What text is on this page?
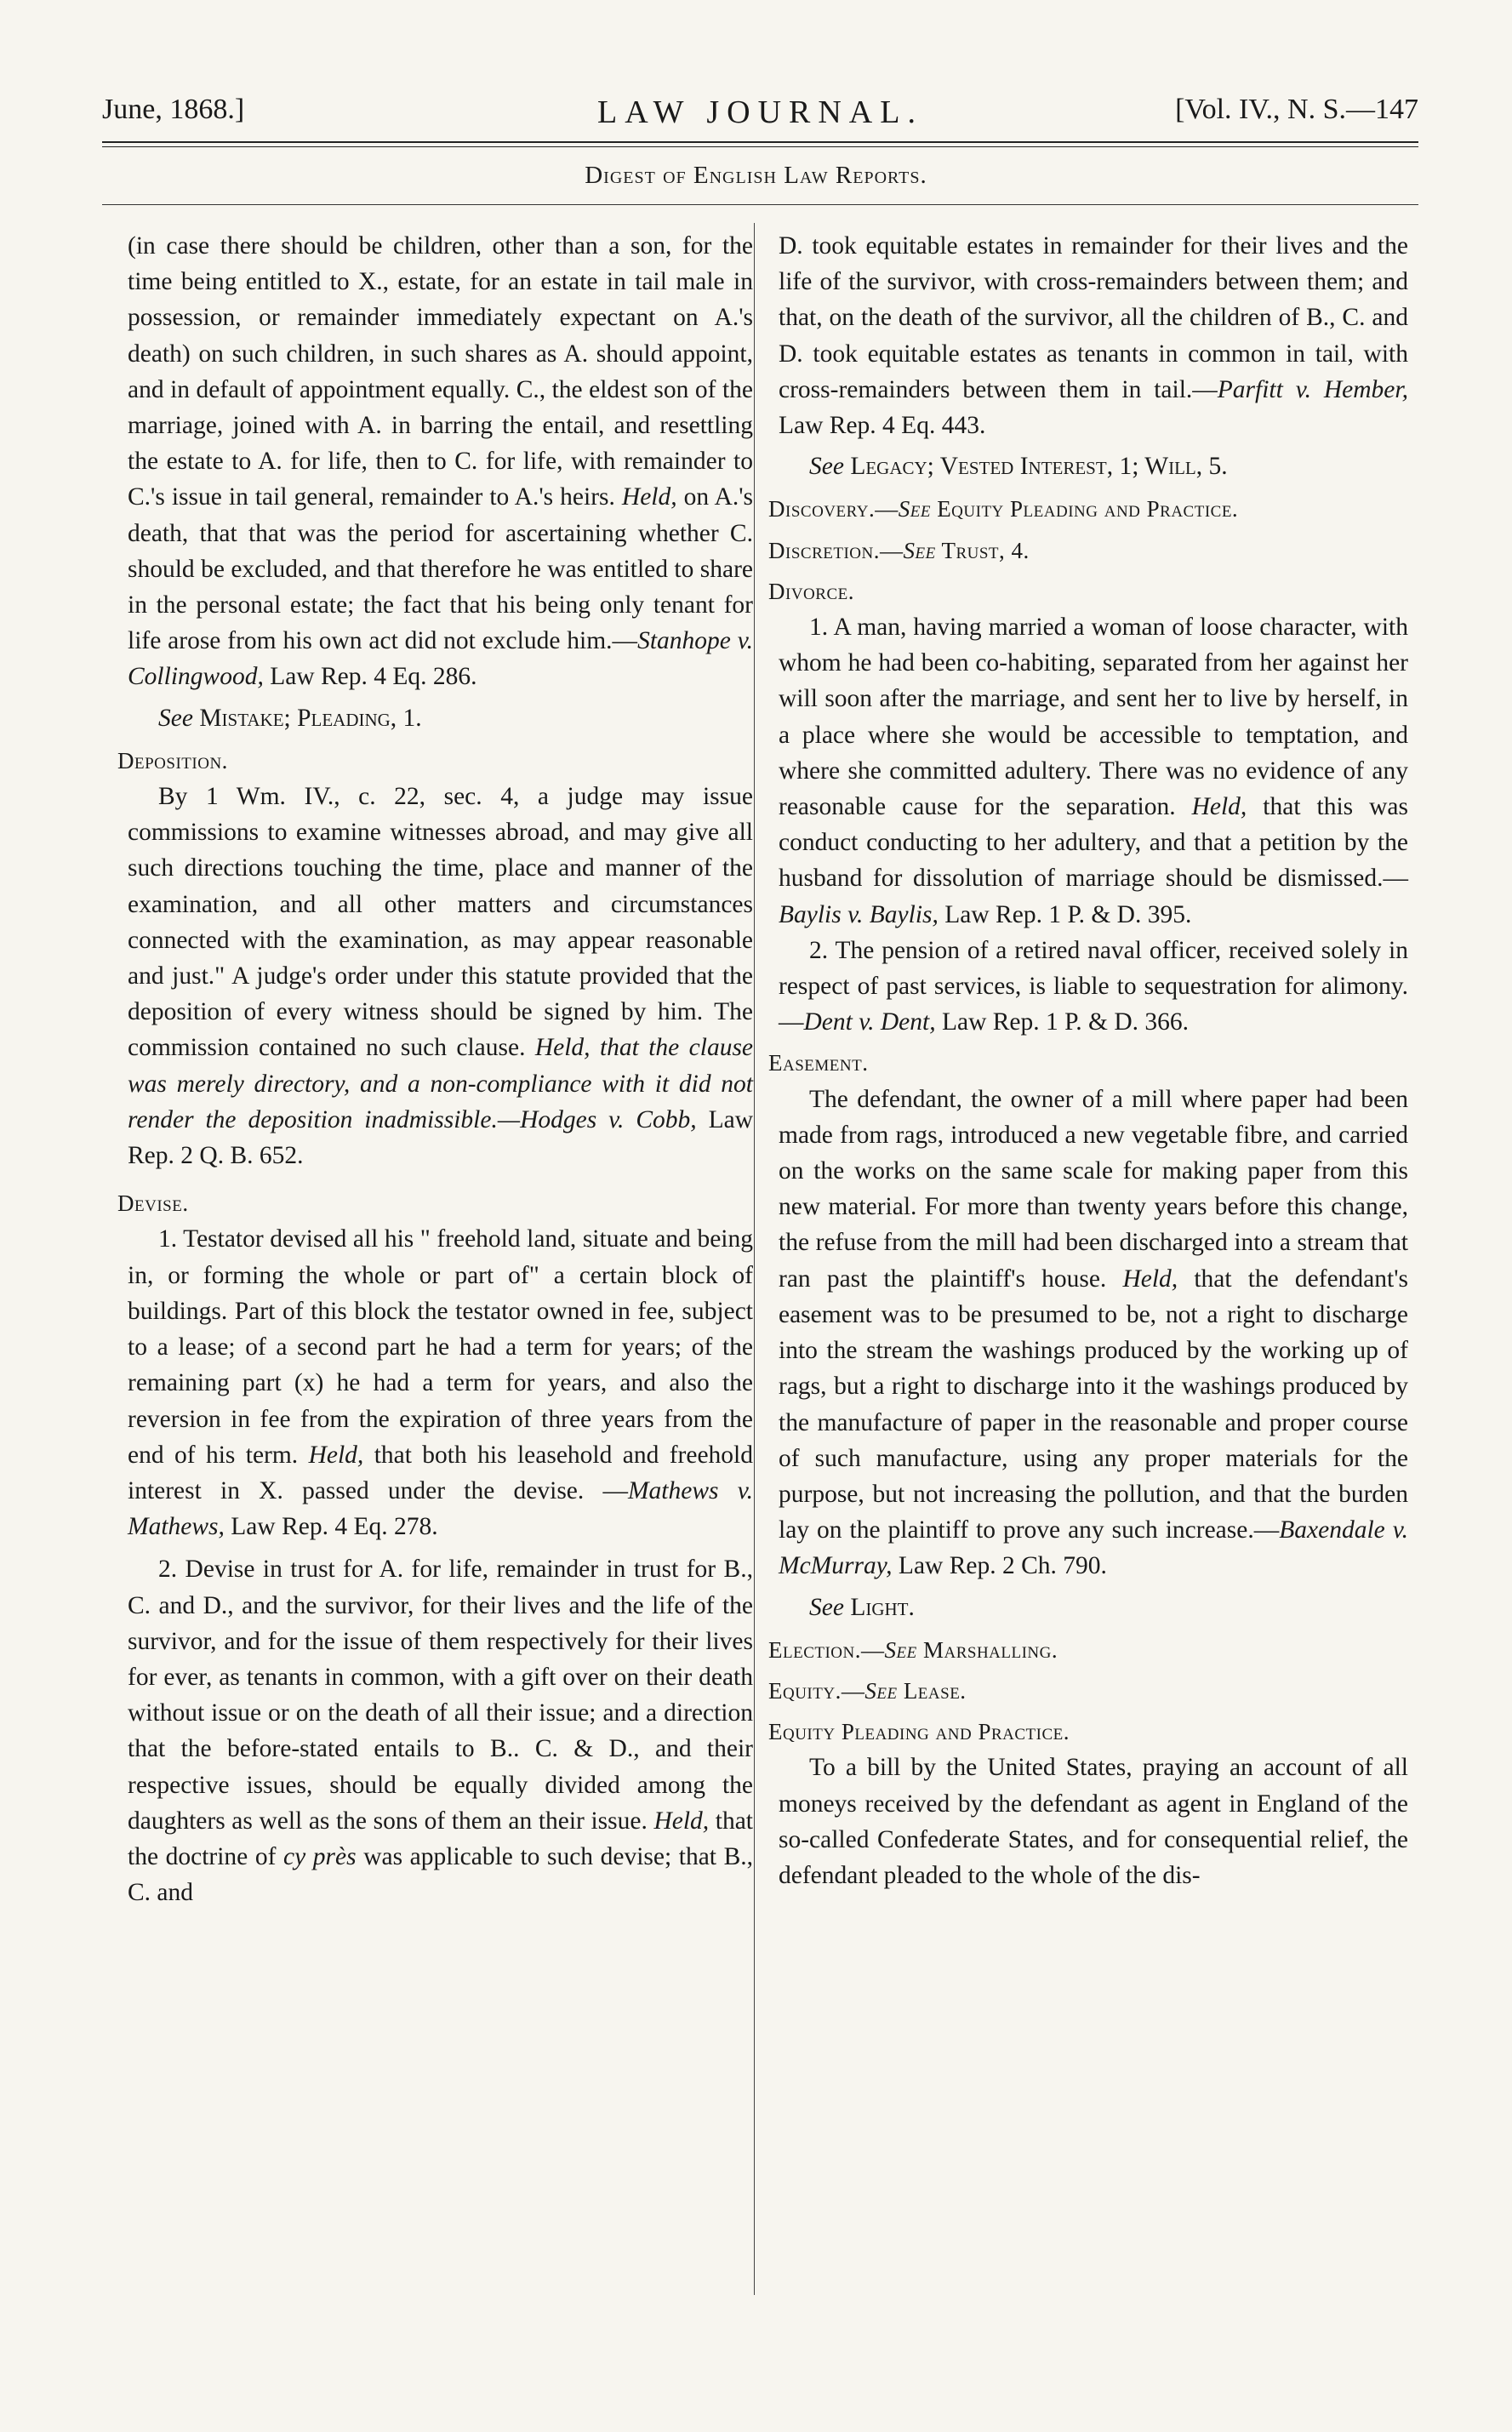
June, 1868.]	LAW JOURNAL.	[Vol. IV., N. S.—147
Digest of English Law Reports.

(in case there should be children, other than a son, for the time being entitled to X., estate, for an estate in tail male in possession, or remainder immediately expectant on A.'s death) on such children, in such shares as A. should appoint, and in default of appointment equally. C., the eldest son of the marriage, joined with A. in barring the entail, and resettling the estate to A. for life, then to C. for life, with remainder to C.'s issue in tail general, remainder to A.'s heirs. Held, on A.'s death, that that was the period for ascertaining whether C. should be excluded, and that therefore he was entitled to share in the personal estate; the fact that his being only tenant for life arose from his own act did not exclude him.—Stanhope v. Collingwood, Law Rep. 4 Eq. 286.

See Mistake; Pleading, 1.

Deposition.

By 1 Wm. IV., c. 22, sec. 4, a judge may issue commissions to examine witnesses abroad, and may give all such directions touching the time, place and manner of the examination, and all other matters and circumstances connected with the examination, as may appear reasonable and just." A judge's order under this statute provided that the deposition of every witness should be signed by him. The commission contained no such clause. Held, that the clause was merely directory, and a non-compliance with it did not render the deposition inadmissible.—Hodges v. Cobb, Law Rep. 2 Q. B. 652.

Devise.

1. Testator devised all his " freehold land, situate and being in, or forming the whole or part of" a certain block of buildings. Part of this block the testator owned in fee, subject to a lease; of a second part he had a term for years; of the remaining part (x) he had a term for years, and also the reversion in fee from the expiration of three years from the end of his term. Held, that both his leasehold and freehold interest in X. passed under the devise. —Mathews v. Mathews, Law Rep. 4 Eq. 278.

2. Devise in trust for A. for life, remainder in trust for B., C. and D., and the survivor, for their lives and the life of the survivor, and for the issue of them respectively for their lives for ever, as tenants in common, with a gift over on their death without issue or on the death of all their issue; and a direction that the before-stated entails to B.. C. & D., and their respective issues, should be equally divided among the daughters as well as the sons of them an their issue. Held, that the doctrine of cy près was applicable to such devise; that B., C. and

D. took equitable estates in remainder for their lives and the life of the survivor, with cross-remainders between them; and that, on the death of the survivor, all the children of B., C. and D. took equitable estates as tenants in common in tail, with cross-remainders between them in tail.—Parfitt v. Hember, Law Rep. 4 Eq. 443.

See Legacy; Vested Interest, 1; Will, 5.

Discovery.—See Equity Pleading and Practice.

Discretion.—See Trust, 4.

Divorce.

1. A man, having married a woman of loose character, with whom he had been co-habiting, separated from her against her will soon after the marriage, and sent her to live by herself, in a place where she would be accessible to temptation, and where she committed adultery. There was no evidence of any reasonable cause for the separation. Held, that this was conduct conducting to her adultery, and that a petition by the husband for dissolution of marriage should be dismissed.—Baylis v. Baylis, Law Rep. 1 P. & D. 395.

2. The pension of a retired naval officer, received solely in respect of past services, is liable to sequestration for alimony.—Dent v. Dent, Law Rep. 1 P. & D. 366.

Easement.

The defendant, the owner of a mill where paper had been made from rags, introduced a new vegetable fibre, and carried on the works on the same scale for making paper from this new material. For more than twenty years before this change, the refuse from the mill had been discharged into a stream that ran past the plaintiff's house. Held, that the defendant's easement was to be presumed to be, not a right to discharge into the stream the washings produced by the working up of rags, but a right to discharge into it the washings produced by the manufacture of paper in the reasonable and proper course of such manufacture, using any proper materials for the purpose, but not increasing the pollution, and that the burden lay on the plaintiff to prove any such increase.—Baxendale v. McMurray, Law Rep. 2 Ch. 790.

See Light.

Election.—See Marshalling.

Equity.—See Lease.

Equity Pleading and Practice.

To a bill by the United States, praying an account of all moneys received by the defendant as agent in England of the so-called Confederate States, and for consequential relief, the defendant pleaded to the whole of the dis-
